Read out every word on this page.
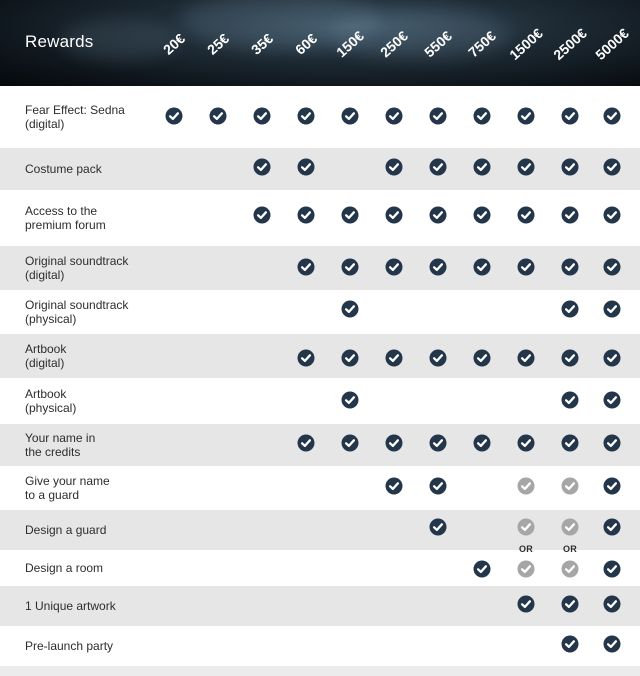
Rewards	20€ 25€ 35€ 60€ 150€ 250€ 550€ 750€ 1500€ 2500€ 5000€
Fear Effect: Sedna
(digital)
Costume pack
Access to the
premium forum
Original soundtrack
(digital)
Original soundtrack
(physical)
Artbook
(digital)
Artbook
(physical)
Your name in
the credits
Give your name
to a guard
Design a guard
Design a room
1 Unique artwork
Pre-launch party
OR	OR
